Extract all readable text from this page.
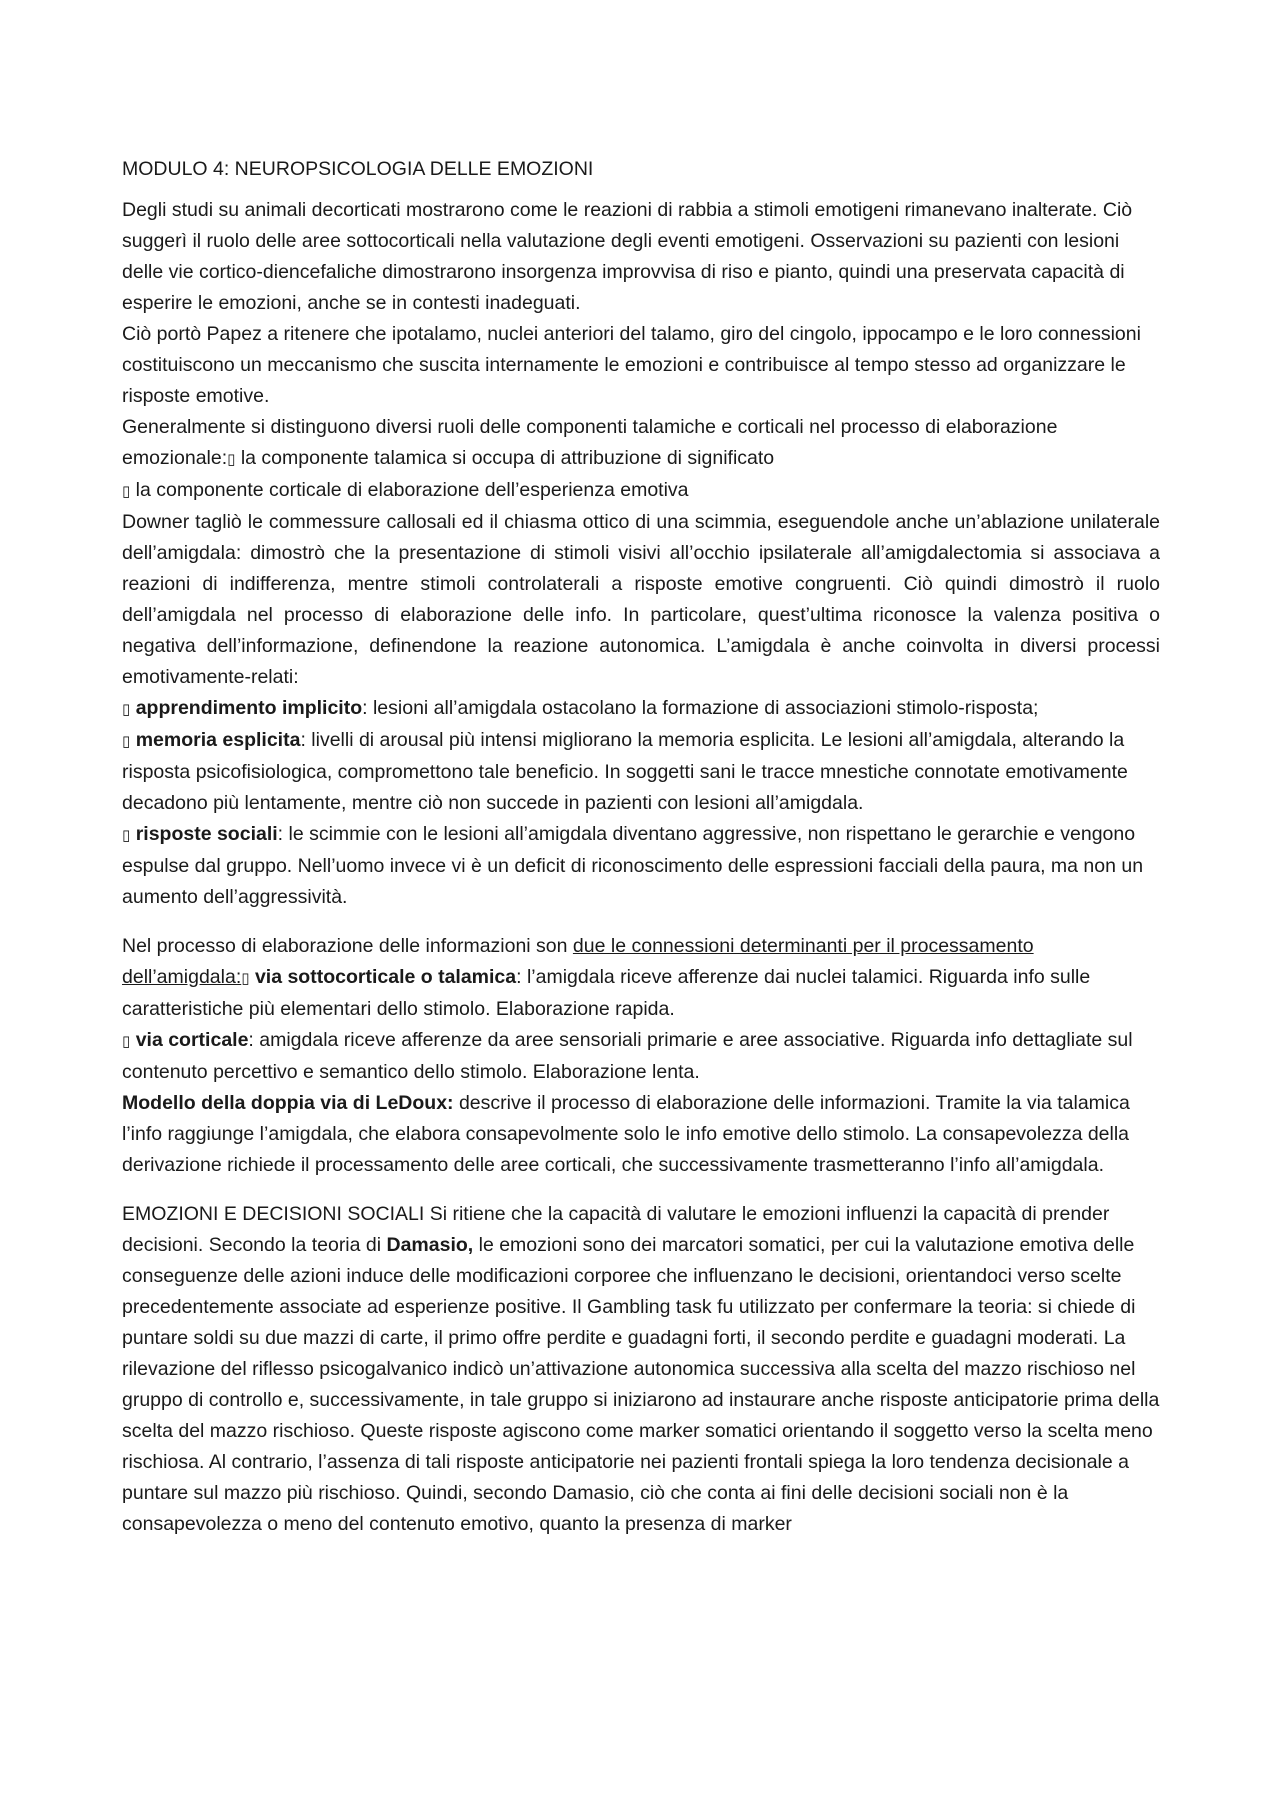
MODULO 4: NEUROPSICOLOGIA DELLE EMOZIONI

Degli studi su animali decorticati mostrarono come le reazioni di rabbia a stimoli emotigeni rimanevano inalterate. Ciò suggerì il ruolo delle aree sottocorticali nella valutazione degli eventi emotigeni. Osservazioni su pazienti con lesioni delle vie cortico-diencefaliche dimostrarono insorgenza improvvisa di riso e pianto, quindi una preservata capacità di esperire le emozioni, anche se in contesti inadeguati.

Ciò portò Papez a ritenere che ipotalamo, nuclei anteriori del talamo, giro del cingolo, ippocampo e le loro connessioni costituiscono un meccanismo che suscita internamente le emozioni e contribuisce al tempo stesso ad organizzare le risposte emotive.

Generalmente si distinguono diversi ruoli delle componenti talamiche e corticali nel processo di elaborazione emozionale:▯ la componente talamica si occupa di attribuzione di significato

▯ la componente corticale di elaborazione dell’esperienza emotiva

Downer tagliò le commessure callosali ed il chiasma ottico di una scimmia, eseguendole anche un’ablazione unilaterale dell’amigdala: dimostrò che la presentazione di stimoli visivi all’occhio ipsilaterale all’amigdalectomia si associava a reazioni di indifferenza, mentre stimoli controlaterali a risposte emotive congruenti. Ciò quindi dimostrò il ruolo dell’amigdala nel processo di elaborazione delle info. In particolare, quest’ultima riconosce la valenza positiva o negativa dell’informazione, definendone la reazione autonomica. L’amigdala è anche coinvolta in diversi processi emotivamente-relati:

▯ apprendimento implicito: lesioni all’amigdala ostacolano la formazione di associazioni stimolo-risposta;

▯ memoria esplicita: livelli di arousal più intensi migliorano la memoria esplicita. Le lesioni all’amigdala, alterando la risposta psicofisiologica, compromettono tale beneficio. In soggetti sani le tracce mnestiche connotate emotivamente decadono più lentamente, mentre ciò non succede in pazienti con lesioni all’amigdala.

▯ risposte sociali: le scimmie con le lesioni all’amigdala diventano aggressive, non rispettano le gerarchie e vengono espulse dal gruppo. Nell’uomo invece vi è un deficit di riconoscimento delle espressioni facciali della paura, ma non un aumento dell’aggressività.

Nel processo di elaborazione delle informazioni son due le connessioni determinanti per il processamento dell’amigdala:▯ via sottocorticale o talamica: l’amigdala riceve afferenze dai nuclei talamici. Riguarda info sulle caratteristiche più elementari dello stimolo. Elaborazione rapida.

▯ via corticale: amigdala riceve afferenze da aree sensoriali primarie e aree associative. Riguarda info dettagliate sul contenuto percettivo e semantico dello stimolo. Elaborazione lenta.

Modello della doppia via di LeDoux: descrive il processo di elaborazione delle informazioni. Tramite la via talamica l’info raggiunge l’amigdala, che elabora consapevolmente solo le info emotive dello stimolo. La consapevolezza della derivazione richiede il processamento delle aree corticali, che successivamente trasmetteranno l’info all’amigdala.

EMOZIONI E DECISIONI SOCIALI Si ritiene che la capacità di valutare le emozioni influenzi la capacità di prender decisioni. Secondo la teoria di Damasio, le emozioni sono dei marcatori somatici, per cui la valutazione emotiva delle conseguenze delle azioni induce delle modificazioni corporee che influenzano le decisioni, orientandoci verso scelte precedentemente associate ad esperienze positive. Il Gambling task fu utilizzato per confermare la teoria: si chiede di puntare soldi su due mazzi di carte, il primo offre perdite e guadagni forti, il secondo perdite e guadagni moderati. La rilevazione del riflesso psicogalvanico indicò un’attivazione autonomica successiva alla scelta del mazzo rischioso nel gruppo di controllo e, successivamente, in tale gruppo si iniziarono ad instaurare anche risposte anticipatorie prima della scelta del mazzo rischioso. Queste risposte agiscono come marker somatici orientando il soggetto verso la scelta meno rischiosa. Al contrario, l’assenza di tali risposte anticipatorie nei pazienti frontali spiega la loro tendenza decisionale a puntare sul mazzo più rischioso. Quindi, secondo Damasio, ciò che conta ai fini delle decisioni sociali non è la consapevolezza o meno del contenuto emotivo, quanto la presenza di marker
